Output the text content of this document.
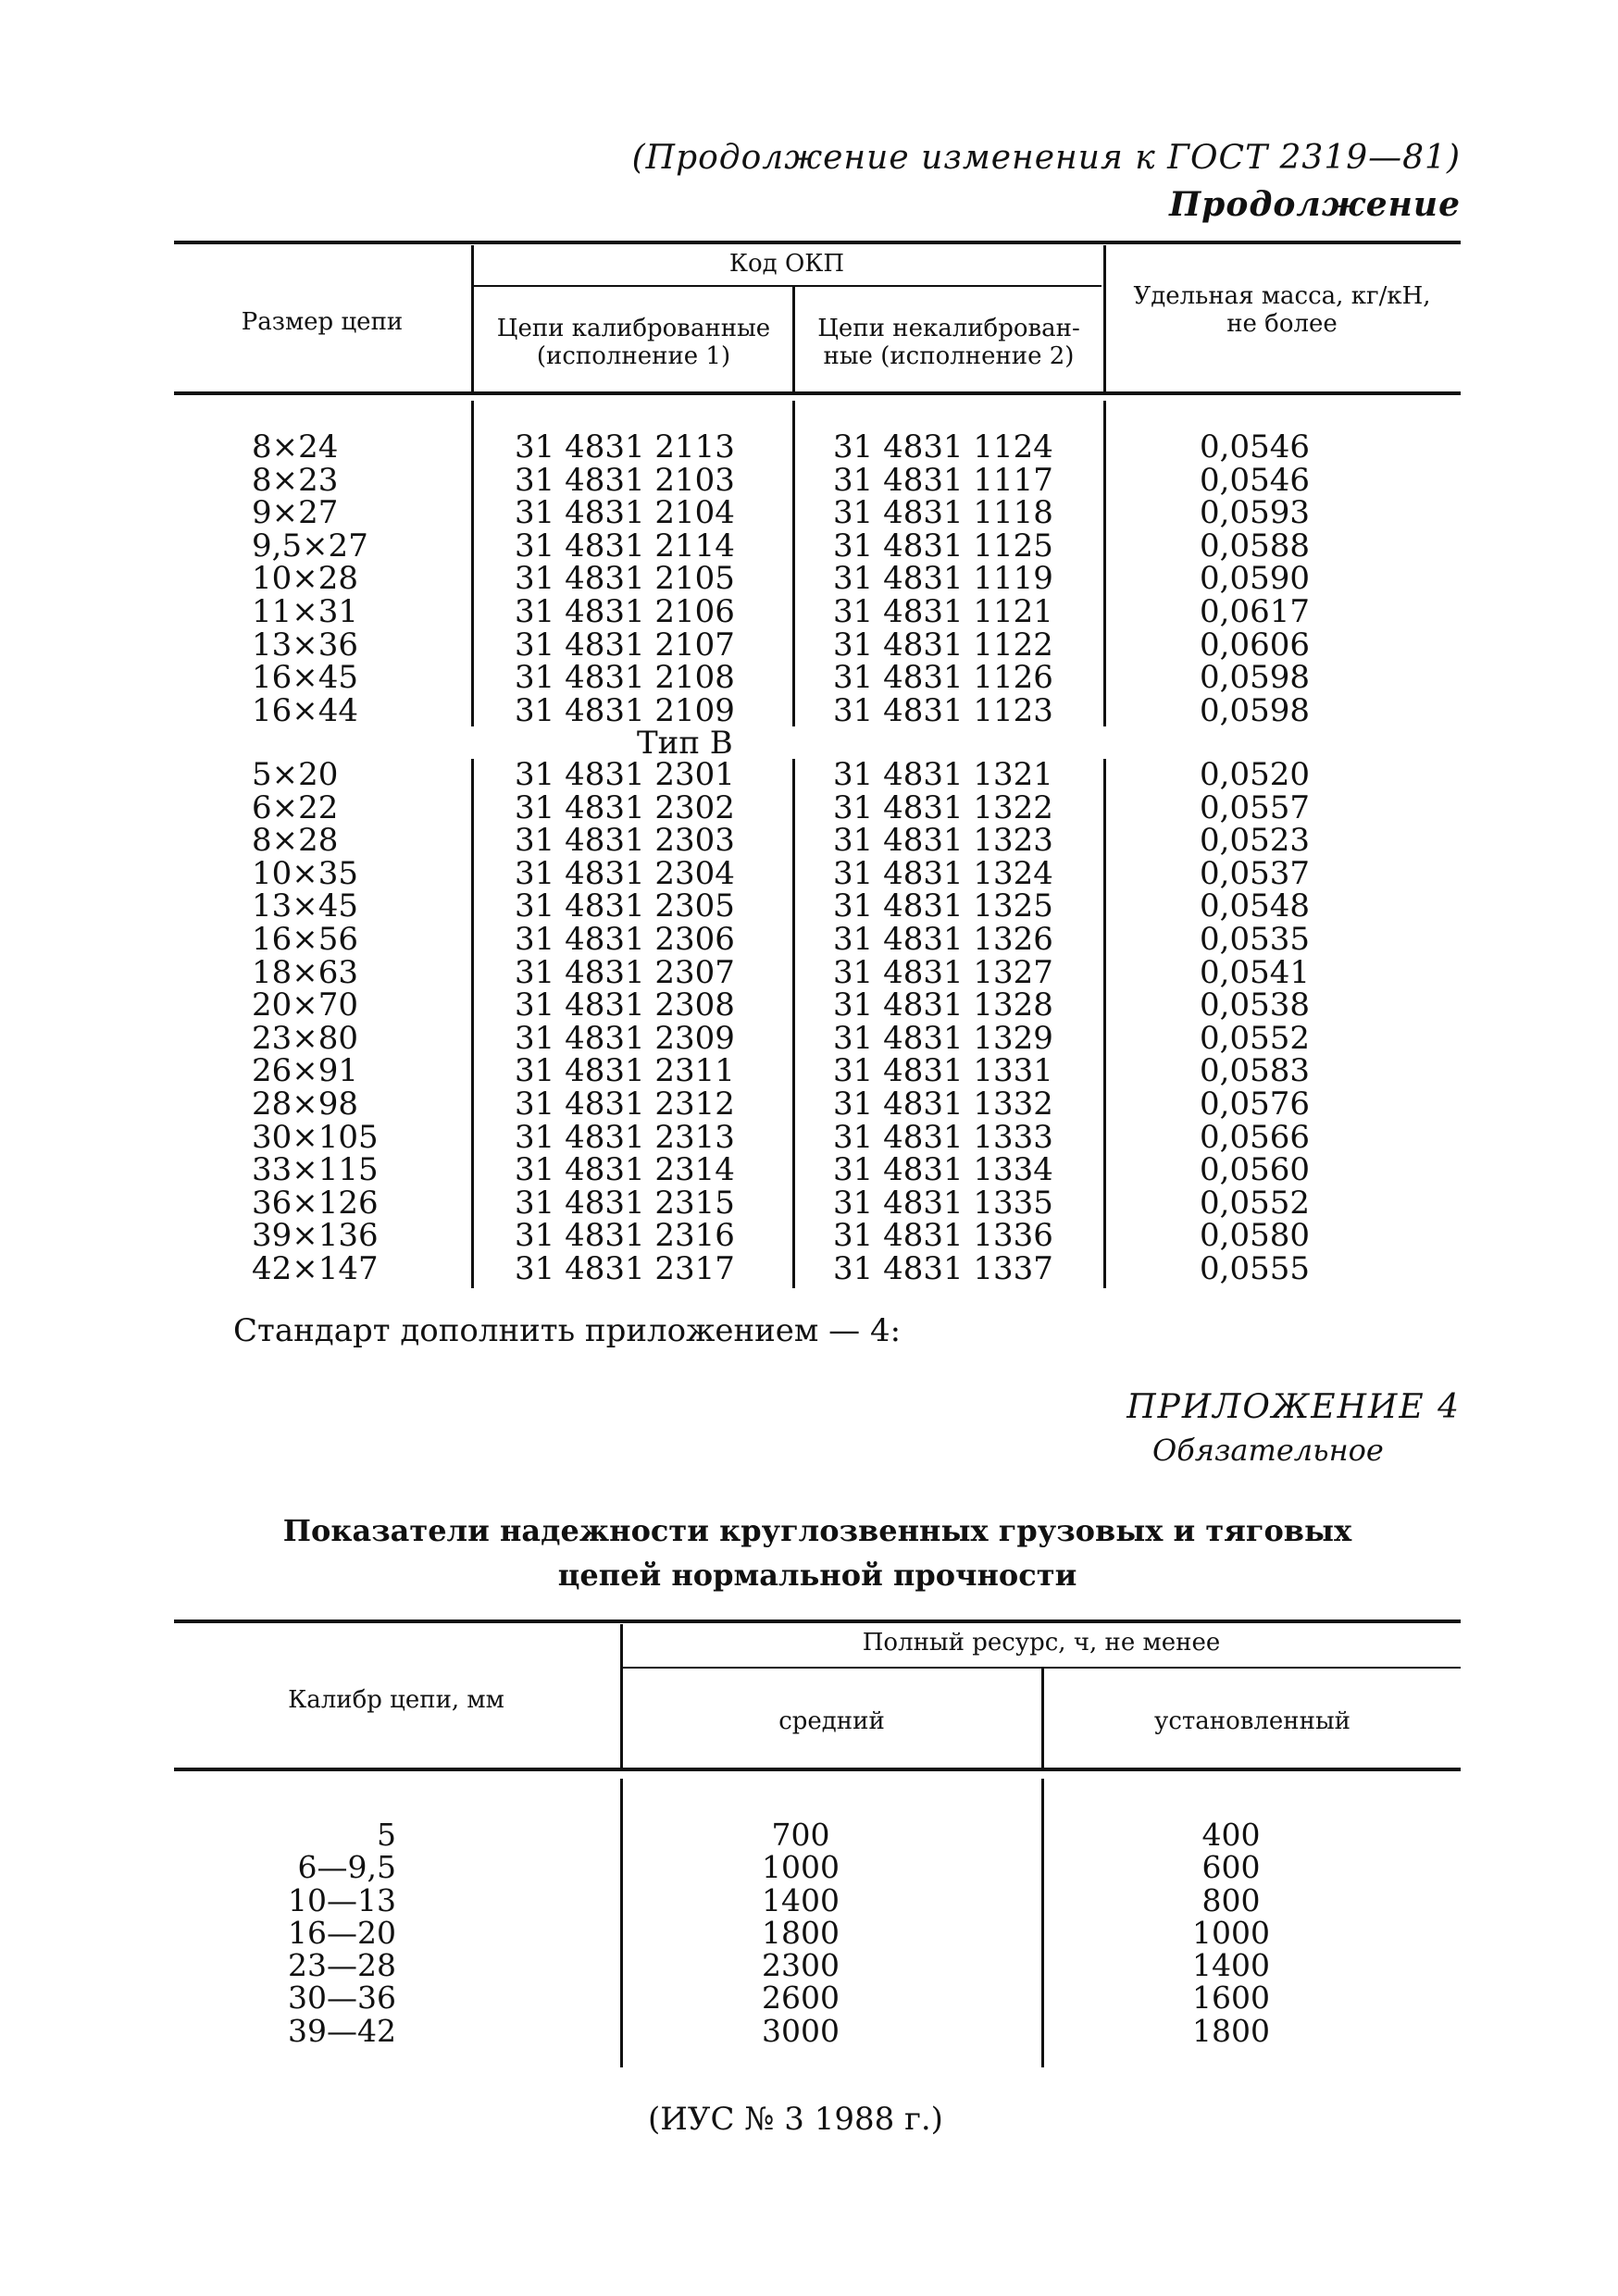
(Продолжение изменения к ГОСТ 2319—81)
Продолжение
Размер цепи
Код ОКП
Цепи калиброванные
(исполнение 1)
Цепи некалиброван-
ные (исполнение 2)
Удельная масса, кг/кН,
не более
8×24
8×23
9×27
9,5×27
10×28
11×31
13×36
16×45
16×44
31 4831 2113
31 4831 2103
31 4831 2104
31 4831 2114
31 4831 2105
31 4831 2106
31 4831 2107
31 4831 2108
31 4831 2109
31 4831 1124
31 4831 1117
31 4831 1118
31 4831 1125
31 4831 1119
31 4831 1121
31 4831 1122
31 4831 1126
31 4831 1123
0,0546
0,0546
0,0593
0,0588
0,0590
0,0617
0,0606
0,0598
0,0598
Тип В
5×20
6×22
8×28
10×35
13×45
16×56
18×63
20×70
23×80
26×91
28×98
30×105
33×115
36×126
39×136
42×147
31 4831 2301
31 4831 2302
31 4831 2303
31 4831 2304
31 4831 2305
31 4831 2306
31 4831 2307
31 4831 2308
31 4831 2309
31 4831 2311
31 4831 2312
31 4831 2313
31 4831 2314
31 4831 2315
31 4831 2316
31 4831 2317
31 4831 1321
31 4831 1322
31 4831 1323
31 4831 1324
31 4831 1325
31 4831 1326
31 4831 1327
31 4831 1328
31 4831 1329
31 4831 1331
31 4831 1332
31 4831 1333
31 4831 1334
31 4831 1335
31 4831 1336
31 4831 1337
0,0520
0,0557
0,0523
0,0537
0,0548
0,0535
0,0541
0,0538
0,0552
0,0583
0,0576
0,0566
0,0560
0,0552
0,0580
0,0555
Стандарт дополнить приложением — 4:
ПРИЛОЖЕНИЕ 4
Обязательное
Показатели надежности круглозвенных грузовых и тяговых
цепей нормальной прочности
Калибр цепи, мм
Полный ресурс, ч, не менее
средний	установленный
5
6—9,5
10—13
16—20
23—28
30—36
39—42
700
1000
1400
1800
2300
2600
3000
400
600
800
1000
1400
1600
1800
(ИУС № 3 1988 г.)
